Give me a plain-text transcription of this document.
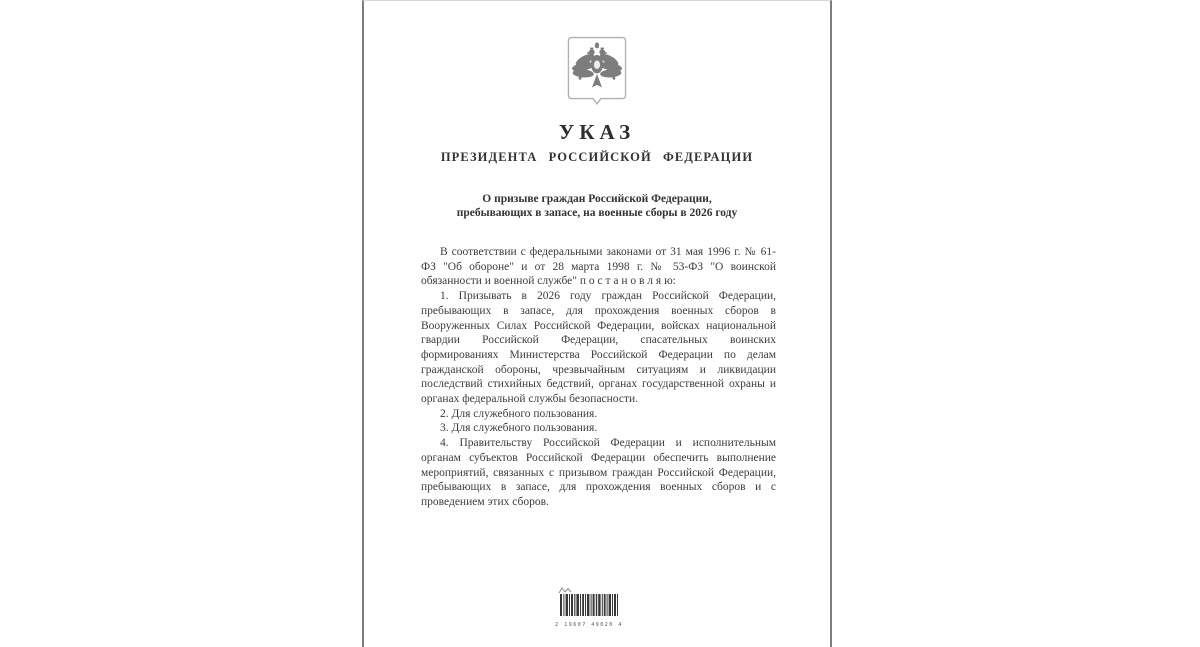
УКАЗ
ПРЕЗИДЕНТА РОССИЙСКОЙ ФЕДЕРАЦИИ
О призыве граждан Российской Федерации,
пребывающих в запасе, на военные сборы в 2026 году

В соответствии с федеральными законами от 31 мая 1996 г. № 61-ФЗ "Об обороне" и от 28 марта 1998 г. № 53-ФЗ "О воинской обязанности и военной службе" п о с т а н о в л я ю:

1. Призывать в 2026 году граждан Российской Федерации, пребывающих в запасе, для прохождения военных сборов в Вооруженных Силах Российской Федерации, войсках национальной гвардии Российской Федерации, спасательных воинских формированиях Министерства Российской Федерации по делам гражданской обороны, чрезвычайным ситуациям и ликвидации последствий стихийных бедствий, органах государственной охраны и органах федеральной службы безопасности.

2. Для служебного пользования.

3. Для служебного пользования.

4. Правительству Российской Федерации и исполнительным органам субъектов Российской Федерации обеспечить выполнение мероприятий, связанных с призывом граждан Российской Федерации, пребывающих в запасе, для прохождения военных сборов и с проведением этих сборов.

2 19607 49020 4
